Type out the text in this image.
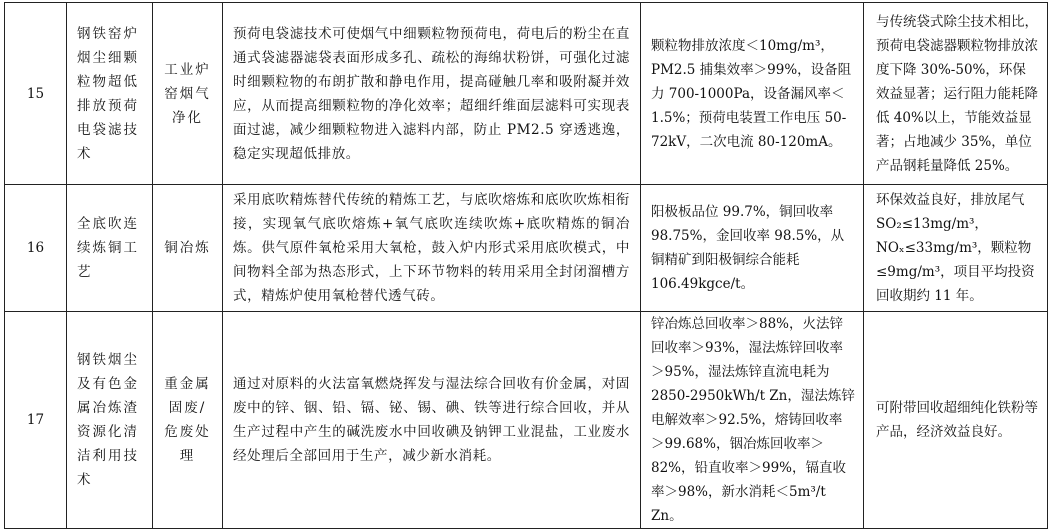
15	钢铁窑炉烟尘细颗粒物超低排放预荷电袋滤技术	工业炉窑烟气净化	预荷电袋滤技术可使烟气中细颗粒物预荷电，荷电后的粉尘在直通式袋滤器滤袋表面形成多孔、疏松的海绵状粉饼，可强化过滤时细颗粒物的布朗扩散和静电作用，提高碰触几率和吸附凝并效应，从而提高细颗粒物的净化效率；超细纤维面层滤料可实现表面过滤，减少细颗粒物进入滤料内部，防止 PM2.5 穿透逃逸，稳定实现超低排放。	颗粒物排放浓度＜10mg/m³，PM2.5 捕集效率＞99%，设备阻力 700-1000Pa，设备漏风率＜1.5%；预荷电装置工作电压 50-72kV，二次电流 80-120mA。	与传统袋式除尘技术相比，预荷电袋滤器颗粒物排放浓度下降 30%-50%，环保效益显著；运行阻力能耗降低 40%以上，节能效益显著；占地减少 35%，单位产品钢耗量降低 25%。
16	全底吹连续炼铜工艺	铜冶炼	采用底吹精炼替代传统的精炼工艺，与底吹熔炼和底吹吹炼相衔接，实现氧气底吹熔炼+氧气底吹连续吹炼+底吹精炼的铜冶炼。供气原件氧枪采用大氧枪，鼓入炉内形式采用底吹模式，中间物料全部为热态形式，上下环节物料的转用采用全封闭溜槽方式，精炼炉使用氧枪替代透气砖。	阳极板品位 99.7%，铜回收率 98.75%，金回收率 98.5%，从铜精矿到阳极铜综合能耗 106.49kgce/t。	环保效益良好，排放尾气 SO₂≤13mg/m³，NOₓ≤33mg/m³，颗粒物≤9mg/m³，项目平均投资回收期约 11 年。
17	钢铁烟尘及有色金属冶炼渣资源化清洁利用技术	重金属固废/危废处理	通过对原料的火法富氧燃烧挥发与湿法综合回收有价金属，对固废中的锌、铟、铅、镉、铋、锡、碘、铁等进行综合回收，并从生产过程中产生的碱洗废水中回收碘及钠钾工业混盐，工业废水经处理后全部回用于生产，减少新水消耗。	锌冶炼总回收率＞88%，火法锌回收率＞93%，湿法炼锌回收率＞95%，湿法炼锌直流电耗为 2850-2950kWh/t Zn，湿法炼锌电解效率＞92.5%，熔铸回收率＞99.68%，铟冶炼回收率＞82%，铅直收率＞99%，镉直收率＞98%，新水消耗＜5m³/t Zn。	可附带回收超细纯化铁粉等产品，经济效益良好。
